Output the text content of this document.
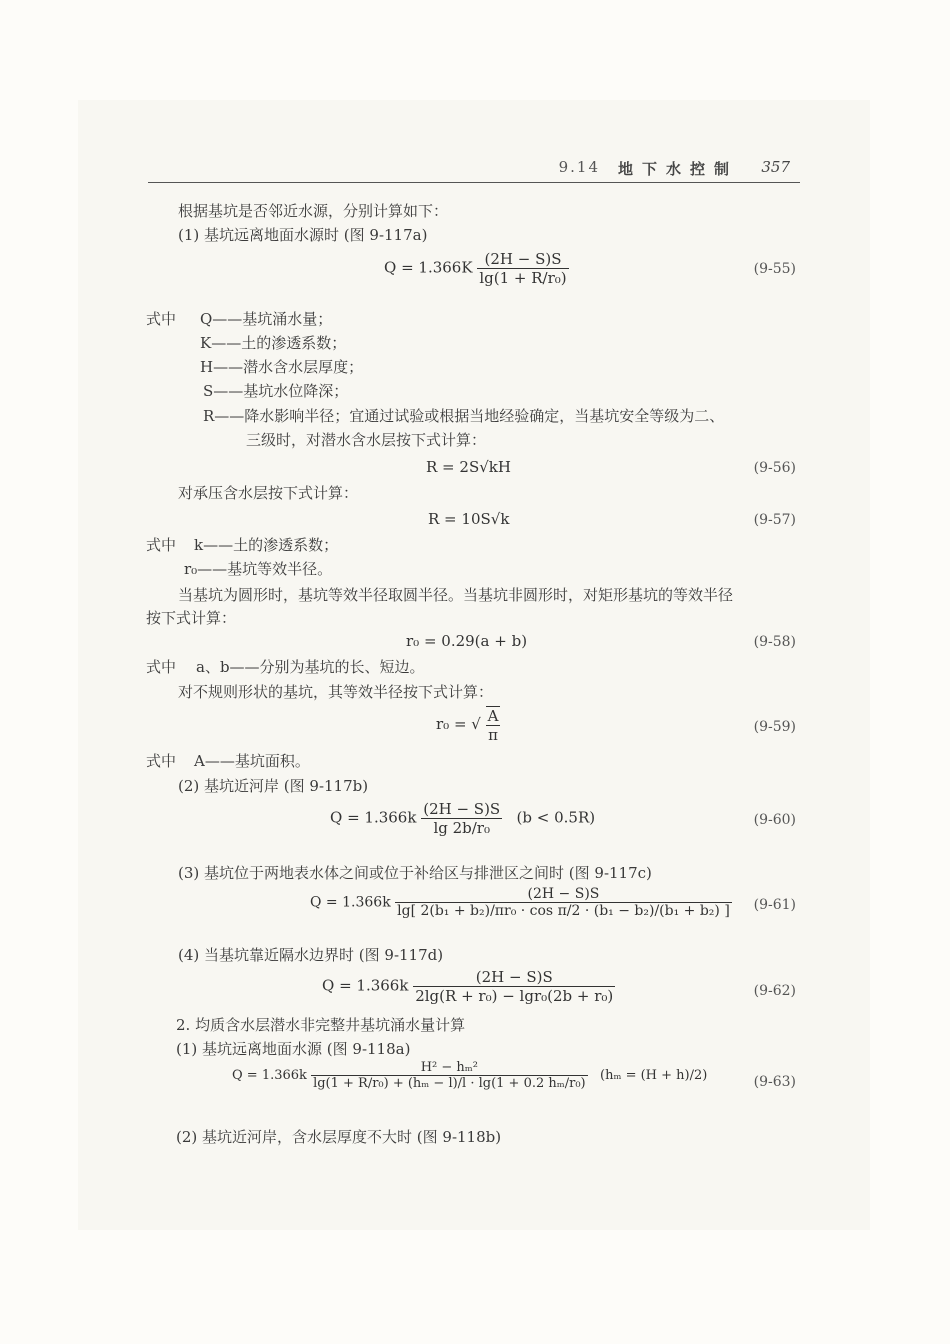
9.14 地下水控制 357
根据基坑是否邻近水源，分别计算如下：
(1) 基坑远离地面水源时 (图 9-117a)
$Q = 1.366K \frac{(2H - S)S}{\text{lg(1 + R/r₀)}}$	(9-55)
式中 Q——基坑涌水量；
K——土的渗透系数；
H——潜水含水层厚度；
S——基坑水位降深；
R——降水影响半径；宜通过试验或根据当地经验确定，当基坑安全等级为二、
三级时，对潜水含水层按下式计算：
R = 2S√kH	(9-56)
对承压含水层按下式计算：
R = 10S√k	(9-57)
式中 k——土的渗透系数；
r₀——基坑等效半径。
当基坑为圆形时，基坑等效半径取圆半径。当基坑非圆形时，对矩形基坑的等效半径
按下式计算：
r₀ = 0.29(a + b)	(9-58)
式中 a、b——分别为基坑的长、短边。
对不规则形状的基坑，其等效半径按下式计算：
r₀ = √ $\frac{A}{\pi}$	(9-59)
式中 A——基坑面积。
(2) 基坑近河岸 (图 9-117b)
$Q = 1.366k \frac{(2H - S)S}{\text{lg 2b/r₀}} (b < 0.5R)$	(9-60)
(3) 基坑位于两地表水体之间或位于补给区与排泄区之间时 (图 9-117c)
$Q = 1.366k \frac{(2H - S)S}{\text{lg[ 2(b₁ + b₂)/πr₀ · cos π/2 · (b₁ − b₂)/(b₁ + b₂) ]}} (9-61)$
(4) 当基坑靠近隔水边界时 (图 9-117d)
$Q = 1.366k \frac{(2H - S)S}{\text{2lg(R + r₀) − lgr₀(2b + r₀)}}$	(9-62)
2. 均质含水层潜水非完整井基坑涌水量计算
(1) 基坑远离地面水源 (图 9-118a)
$Q = 1.366k \frac{\text{H² − hₘ²}}{\text{lg(1 + R/r₀) + (hₘ − l)/l · lg(1 + 0.2 hₘ/r₀)}} (h_m = (H + h)/2)$	(9-63)
(2) 基坑近河岸，含水层厚度不大时 (图 9-118b)
